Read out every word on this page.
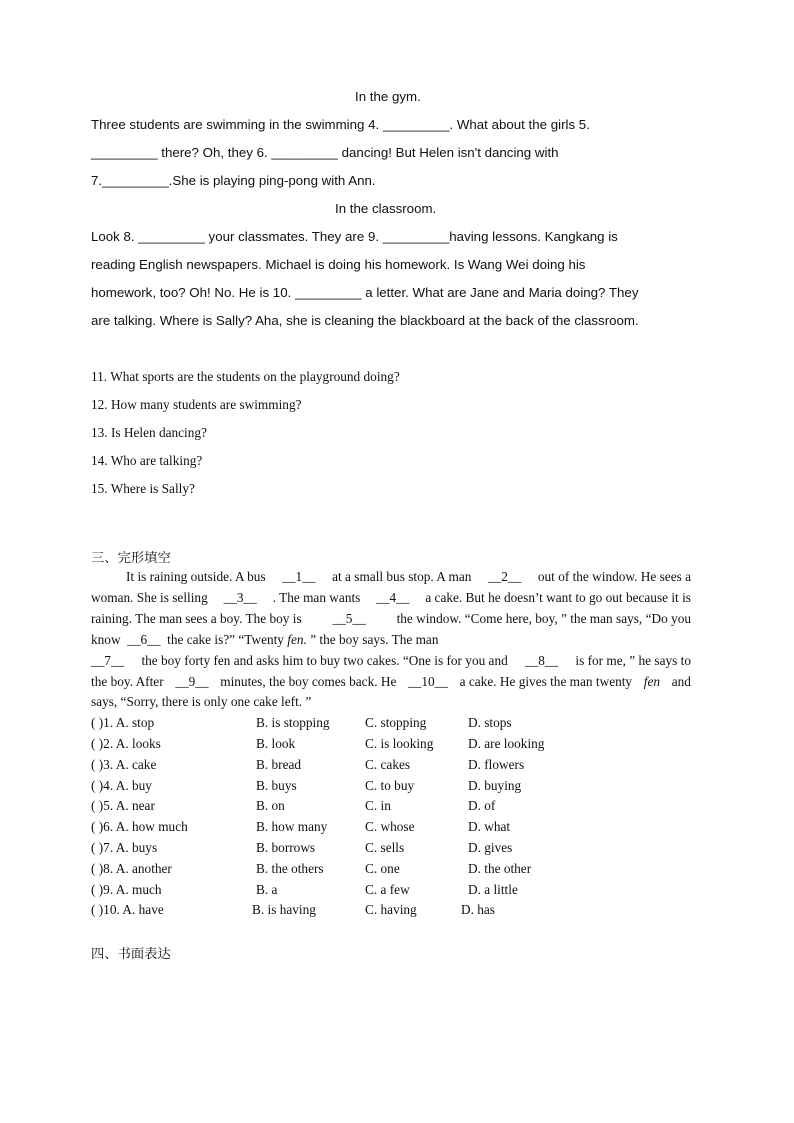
In the gym.
Three students are swimming in the swimming 4. _________. What about the girls 5.
_________ there? Oh, they 6. _________ dancing! But Helen isn't dancing with
7._________.She is playing ping-pong with Ann.
In the classroom.
Look 8. _________ your classmates. They are 9. _________having lessons. Kangkang is
reading English newspapers. Michael is doing his homework. Is Wang Wei doing his
homework, too? Oh! No. He is 10. _________ a letter. What are Jane and Maria doing? They
are talking. Where is Sally? Aha, she is cleaning the blackboard at the back of the classroom.
11. What sports are the students on the playground doing?
12. How many students are swimming?
13. Is Helen dancing?
14. Who are talking?
15. Where is Sally?
三、完形填空
It is raining outside. A bus __1__ at a small bus stop. A man __2__ out of the window. He sees a
woman. She is selling __3__ . The man wants __4__ a cake. But he doesn’t want to go out because it is
raining. The man sees a boy. The boy is __5__ the window. “Come here, boy, ” the man says, “Do you
know __6__ the cake is?” “Twenty fen. ” the boy says. The man
__7__ the boy forty fen and asks him to buy two cakes. “One is for you and __8__ is for me, ” he says to
the boy. After __9__ minutes, the boy comes back. He __10__ a cake. He gives the man twenty fen and
says, “Sorry, there is only one cake left. ”
( )1. A. stop	B. is stopping	C. stopping	D. stops
( )2. A. looks	B. look	C. is looking	D. are looking
( )3. A. cake	B. bread	C. cakes	D. flowers
( )4. A. buy	B. buys	C. to buy	D. buying
( )5. A. near	B. on	C. in	D. of
( )6. A. how much	B. how many	C. whose	D. what
( )7. A. buys	B. borrows	C. sells	D. gives
( )8. A. another	B. the others	C. one	D. the other
( )9. A. much	B. a	C. a few	D. a little
( )10. A. have	B. is having	C. having	D. has
四、书面表达
